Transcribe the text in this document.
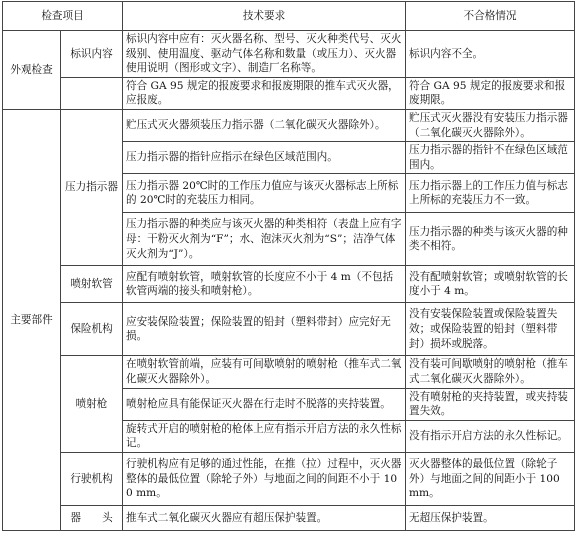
检查项目		技术要求	不合格情况
外观检查	标识内容	标识内容中应有：灭火器名称、型号、灭火种类代号、灭火级别、使用温度、驱动气体名称和数量（或压力）、灭火器使用说明（图形或文字）、制造厂名称等。	标识内容不全。
		符合 GA 95 规定的报废要求和报废期限的推车式灭火器，应报废。	符合 GA 95 规定的报废要求和报废期限。
主要部件	压力指示器	贮压式灭火器须装压力指示器（二氧化碳灭火器除外）。	贮压式灭火器没有安装压力指示器（二氧化碳灭火器除外）。
		压力指示器的指针应指示在绿色区域范围内。	压力指示器的指针不在绿色区域范围内。
		压力指示器 20℃时的工作压力值应与该灭火器标志上所标的 20℃时的充装压力相同。	压力指示器上的工作压力值与标志上所标的充装压力不一致。
		压力指示器的种类应与该灭火器的种类相符（表盘上应有字母：干粉灭火剂为“F”；水、泡沫灭火剂为“S”；洁净气体灭火剂为“J”）。	压力指示器的种类与该灭火器的种类不相符。
	喷射软管	应配有喷射软管，喷射软管的长度应不小于 4 m（不包括软管两端的接头和喷射枪）。	没有配喷射软管；或喷射软管的长度小于 4 m。
	保险机构	应安装保险装置；保险装置的铅封（塑料带封）应完好无损。	没有安装保险装置或保险装置失效；或保险装置的铅封（塑料带封）损坏或脱落。
	喷射枪	在喷射软管前端，应装有可间歇喷射的喷射枪（推车式二氧化碳灭火器除外）。	没有装可间歇喷射的喷射枪（推车式二氧化碳灭火器除外）。
		喷射枪应具有能保证灭火器在行走时不脱落的夹持装置。	没有喷射枪的夹持装置，或夹持装置失效。
		旋转式开启的喷射枪的枪体上应有指示开启方法的永久性标记。	没有指示开启方法的永久性标记。
	行驶机构	行驶机构应有足够的通过性能，在推（拉）过程中，灭火器整体的最低位置（除轮子外）与地面之间的间距不小于 100 mm。	灭火器整体的最低位置（除轮子外）与地面之间的间距小于 100 mm。
	器　　头	推车式二氧化碳灭火器应有超压保护装置。	无超压保护装置。
